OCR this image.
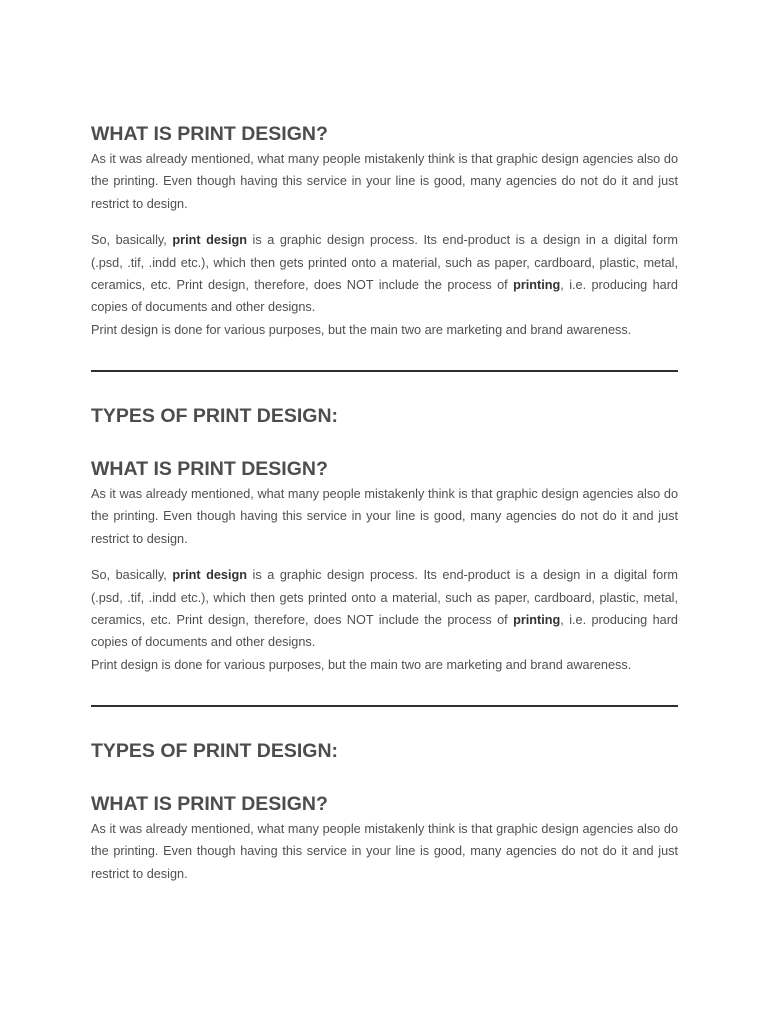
WHAT IS PRINT DESIGN?

As it was already mentioned, what many people mistakenly think is that graphic design agencies also do the printing. Even though having this service in your line is good, many agencies do not do it and just restrict to design.

So, basically, print design is a graphic design process. Its end-product is a design in a digital form (.psd, .tif, .indd etc.), which then gets printed onto a material, such as paper, cardboard, plastic, metal, ceramics, etc. Print design, therefore, does NOT include the process of printing, i.e. producing hard copies of documents and other designs.

Print design is done for various purposes, but the main two are marketing and brand awareness.

TYPES OF PRINT DESIGN:
WHAT IS PRINT DESIGN?

As it was already mentioned, what many people mistakenly think is that graphic design agencies also do the printing. Even though having this service in your line is good, many agencies do not do it and just restrict to design.

So, basically, print design is a graphic design process. Its end-product is a design in a digital form (.psd, .tif, .indd etc.), which then gets printed onto a material, such as paper, cardboard, plastic, metal, ceramics, etc. Print design, therefore, does NOT include the process of printing, i.e. producing hard copies of documents and other designs.

Print design is done for various purposes, but the main two are marketing and brand awareness.

TYPES OF PRINT DESIGN:
WHAT IS PRINT DESIGN?

As it was already mentioned, what many people mistakenly think is that graphic design agencies also do the printing. Even though having this service in your line is good, many agencies do not do it and just restrict to design.
